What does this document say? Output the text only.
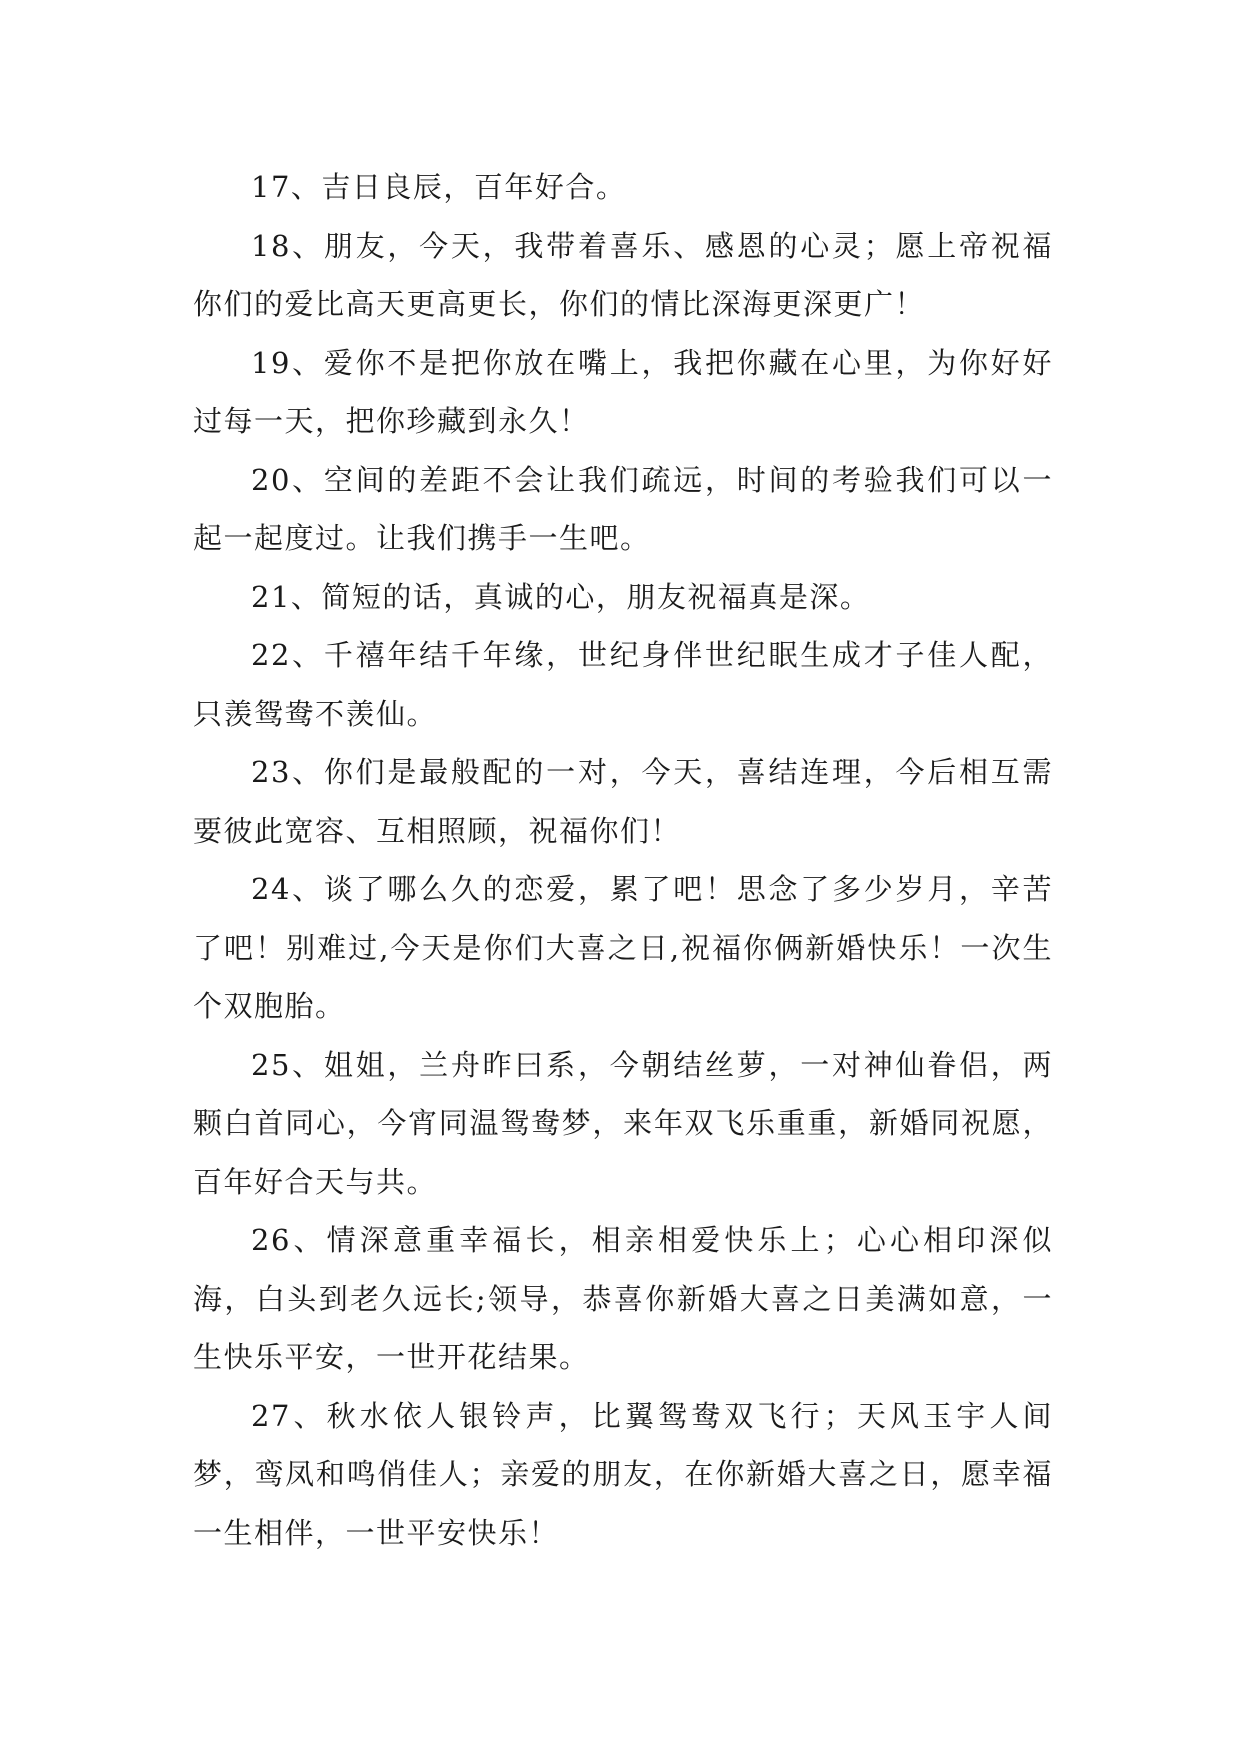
17、吉日良辰，百年好合。

18、朋友，今天，我带着喜乐、感恩的心灵；愿上帝祝福你们的爱比高天更高更长，你们的情比深海更深更广！

19、爱你不是把你放在嘴上，我把你藏在心里，为你好好过每一天，把你珍藏到永久！

20、空间的差距不会让我们疏远，时间的考验我们可以一起一起度过。让我们携手一生吧。

21、简短的话，真诚的心，朋友祝福真是深。

22、千禧年结千年缘，世纪身伴世纪眠生成才子佳人配，只羡鸳鸯不羡仙。

23、你们是最般配的一对，今天，喜结连理，今后相互需要彼此宽容、互相照顾，祝福你们！

24、谈了哪么久的恋爱，累了吧！思念了多少岁月，辛苦了吧！别难过,今天是你们大喜之日,祝福你俩新婚快乐！一次生个双胞胎。

25、姐姐，兰舟昨曰系，今朝结丝萝，一对神仙眷侣，两颗白首同心，今宵同温鸳鸯梦，来年双飞乐重重，新婚同祝愿，百年好合天与共。

26、情深意重幸福长，相亲相爱快乐上；心心相印深似海，白头到老久远长;领导，恭喜你新婚大喜之日美满如意，一生快乐平安，一世开花结果。

27、秋水依人银铃声，比翼鸳鸯双飞行；天风玉宇人间梦，鸾凤和鸣俏佳人；亲爱的朋友，在你新婚大喜之日，愿幸福一生相伴，一世平安快乐！
